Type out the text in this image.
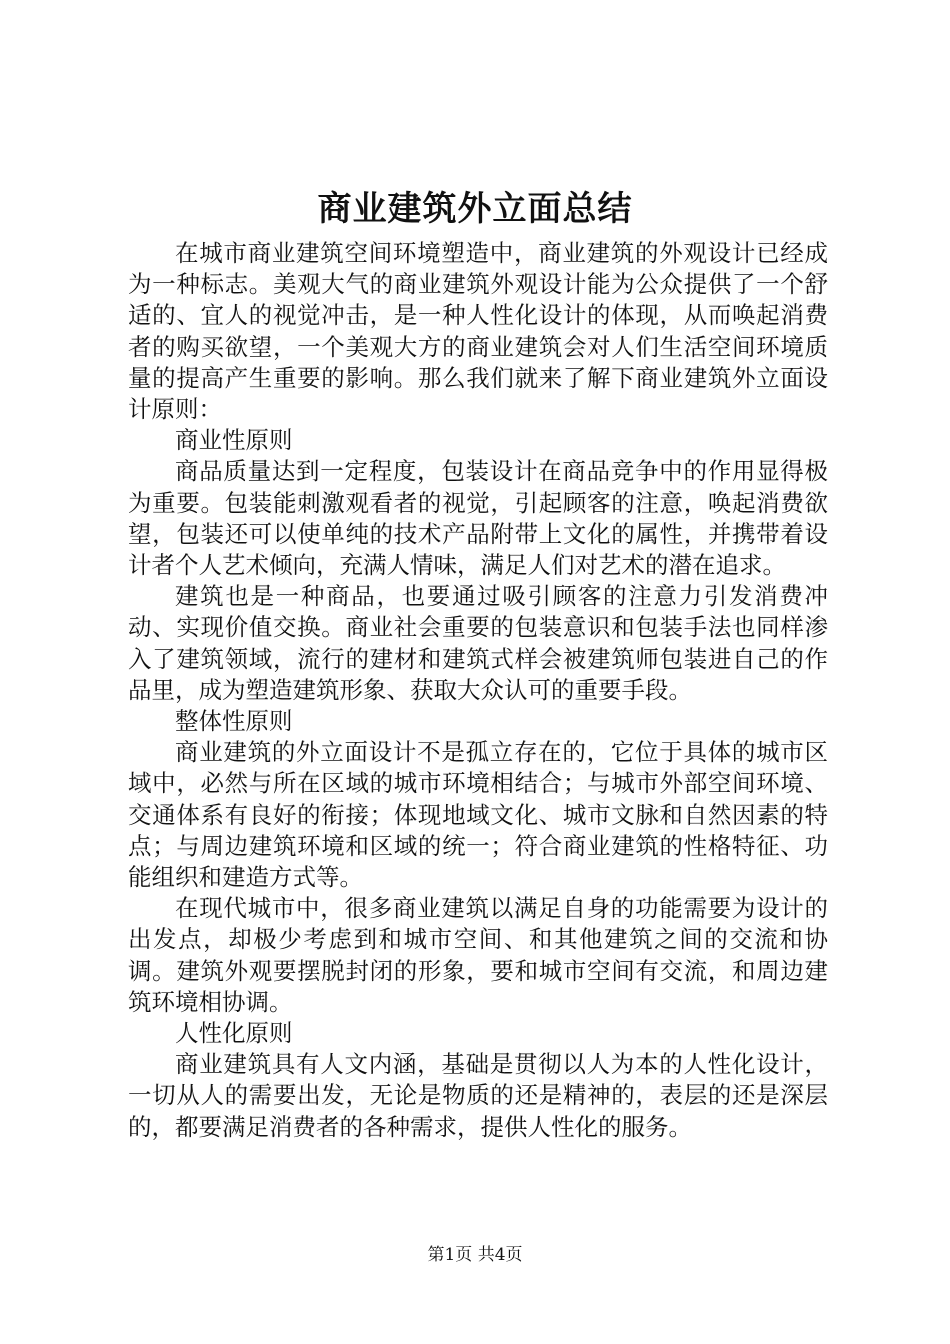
商业建筑外立面总结

在城市商业建筑空间环境塑造中，商业建筑的外观设计已经成为一种标志。美观大气的商业建筑外观设计能为公众提供了一个舒适的、宜人的视觉冲击，是一种人性化设计的体现，从而唤起消费者的购买欲望，一个美观大方的商业建筑会对人们生活空间环境质量的提高产生重要的影响。那么我们就来了解下商业建筑外立面设计原则：

商业性原则

商品质量达到一定程度，包装设计在商品竞争中的作用显得极为重要。包装能刺激观看者的视觉，引起顾客的注意，唤起消费欲望，包装还可以使单纯的技术产品附带上文化的属性，并携带着设计者个人艺术倾向，充满人情味，满足人们对艺术的潜在追求。

建筑也是一种商品，也要通过吸引顾客的注意力引发消费冲动、实现价值交换。商业社会重要的包装意识和包装手法也同样渗入了建筑领域，流行的建材和建筑式样会被建筑师包装进自己的作品里，成为塑造建筑形象、获取大众认可的重要手段。

整体性原则

商业建筑的外立面设计不是孤立存在的，它位于具体的城市区域中，必然与所在区域的城市环境相结合；与城市外部空间环境、交通体系有良好的衔接；体现地域文化、城市文脉和自然因素的特点；与周边建筑环境和区域的统一；符合商业建筑的性格特征、功能组织和建造方式等。

在现代城市中，很多商业建筑以满足自身的功能需要为设计的出发点，却极少考虑到和城市空间、和其他建筑之间的交流和协调。建筑外观要摆脱封闭的形象，要和城市空间有交流，和周边建筑环境相协调。

人性化原则

商业建筑具有人文内涵，基础是贯彻以人为本的人性化设计，一切从人的需要出发，无论是物质的还是精神的，表层的还是深层的，都要满足消费者的各种需求，提供人性化的服务。

第1页 共4页
